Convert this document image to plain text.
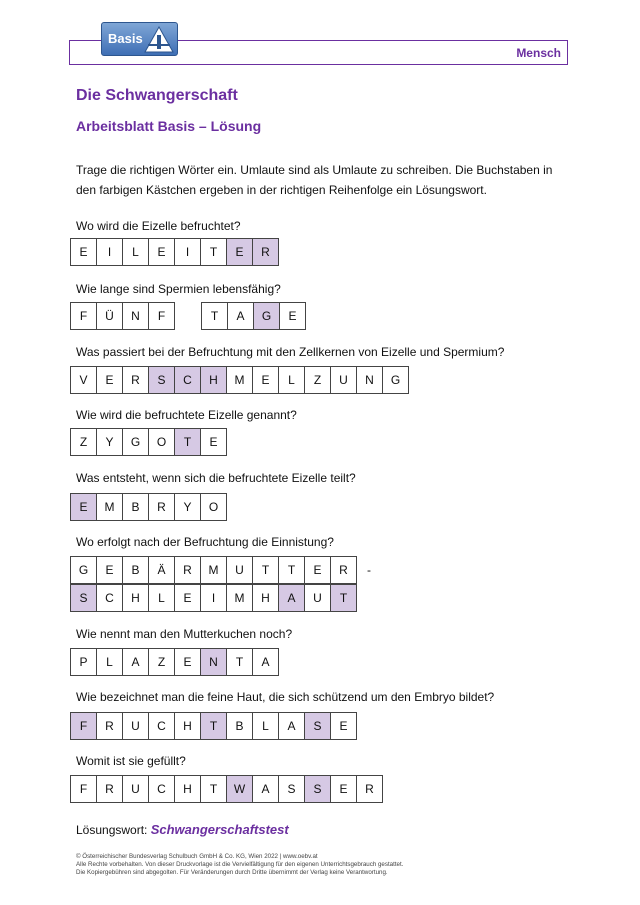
Mensch
Basis
Die Schwangerschaft
Arbeitsblatt Basis – Lösung
Trage die richtigen Wörter ein. Umlaute sind als Umlaute zu schreiben. Die Buchstaben in den farbigen Kästchen ergeben in der richtigen Reihenfolge ein Lösungswort.
Wo wird die Eizelle befruchtet?
E	I	L	E	I	T	E	R
Wie lange sind Spermien lebensfähig?
F	Ü	N	F	T	A	G	E
Was passiert bei der Befruchtung mit den Zellkernen von Eizelle und Spermium?
V	E	R	S	C	H	M	E	L	Z	U	N	G
Wie wird die befruchtete Eizelle genannt?
Z	Y	G	O	T	E
Was entsteht, wenn sich die befruchtete Eizelle teilt?
E	M	B	R	Y	O
Wo erfolgt nach der Befruchtung die Einnistung?
G	E	B	Ä	R	M	U	T	T	E	R	-
S	C	H	L	E	I	M	H	A	U	T
Wie nennt man den Mutterkuchen noch?
P	L	A	Z	E	N	T	A
Wie bezeichnet man die feine Haut, die sich schützend um den Embryo bildet?
F	R	U	C	H	T	B	L	A	S	E
Womit ist sie gefüllt?
F	R	U	C	H	T	W	A	S	S	E	R
Lösungswort: Schwangerschaftstest
© Österreichischer Bundesverlag Schulbuch GmbH & Co. KG, Wien 2022 | www.oebv.at
Alle Rechte vorbehalten. Von dieser Druckvorlage ist die Vervielfältigung für den eigenen Unterrichtsgebrauch gestattet.
Die Kopiergebühren sind abgegolten. Für Veränderungen durch Dritte übernimmt der Verlag keine Verantwortung.
